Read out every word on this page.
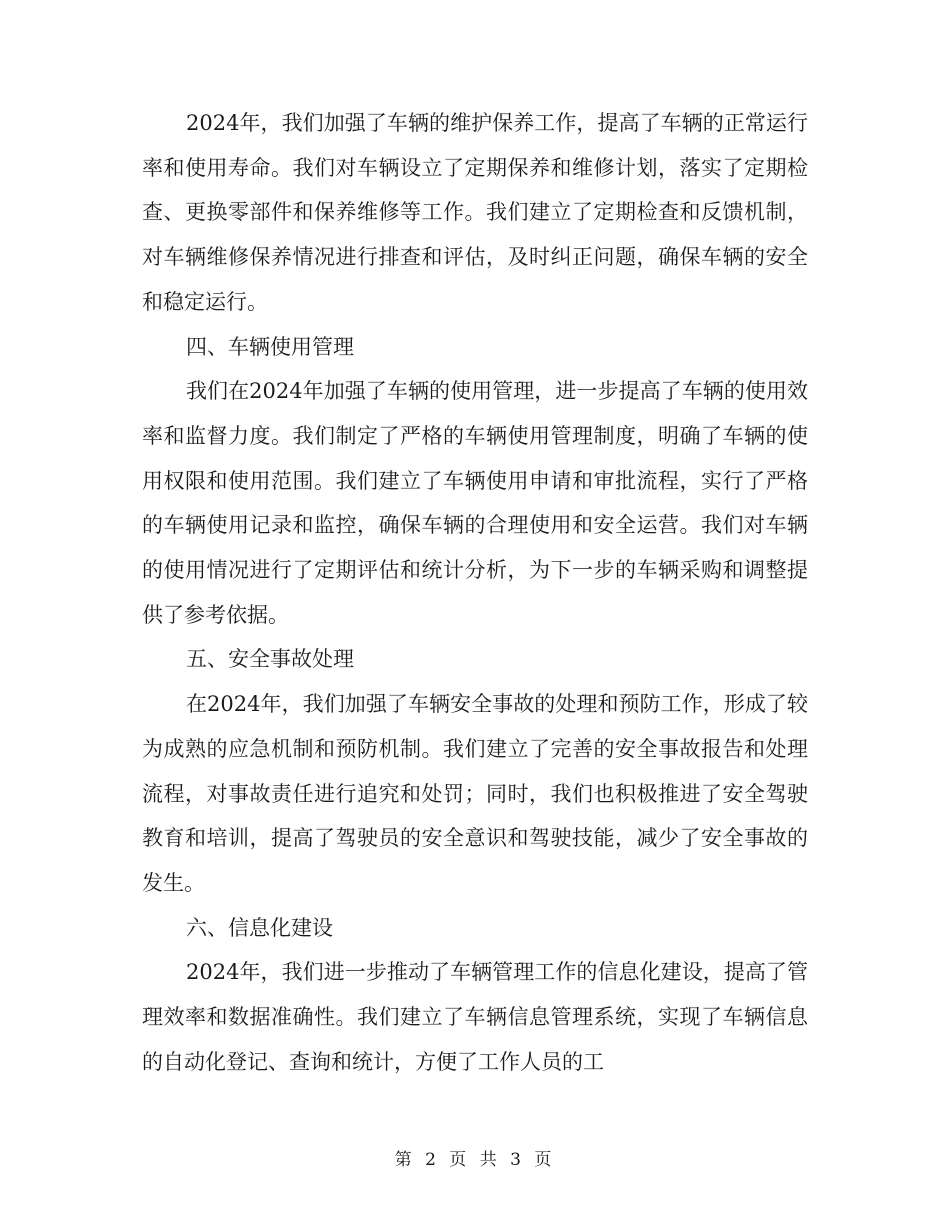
2024年，我们加强了车辆的维护保养工作，提高了车辆的正常运行率和使用寿命。我们对车辆设立了定期保养和维修计划，落实了定期检查、更换零部件和保养维修等工作。我们建立了定期检查和反馈机制，对车辆维修保养情况进行排查和评估，及时纠正问题，确保车辆的安全和稳定运行。

四、车辆使用管理

我们在2024年加强了车辆的使用管理，进一步提高了车辆的使用效率和监督力度。我们制定了严格的车辆使用管理制度，明确了车辆的使用权限和使用范围。我们建立了车辆使用申请和审批流程，实行了严格的车辆使用记录和监控，确保车辆的合理使用和安全运营。我们对车辆的使用情况进行了定期评估和统计分析，为下一步的车辆采购和调整提供了参考依据。

五、安全事故处理

在2024年，我们加强了车辆安全事故的处理和预防工作，形成了较为成熟的应急机制和预防机制。我们建立了完善的安全事故报告和处理流程，对事故责任进行追究和处罚；同时，我们也积极推进了安全驾驶教育和培训，提高了驾驶员的安全意识和驾驶技能，减少了安全事故的发生。

六、信息化建设

2024年，我们进一步推动了车辆管理工作的信息化建设，提高了管理效率和数据准确性。我们建立了车辆信息管理系统，实现了车辆信息的自动化登记、查询和统计，方便了工作人员的工

第 2 页 共 3 页
